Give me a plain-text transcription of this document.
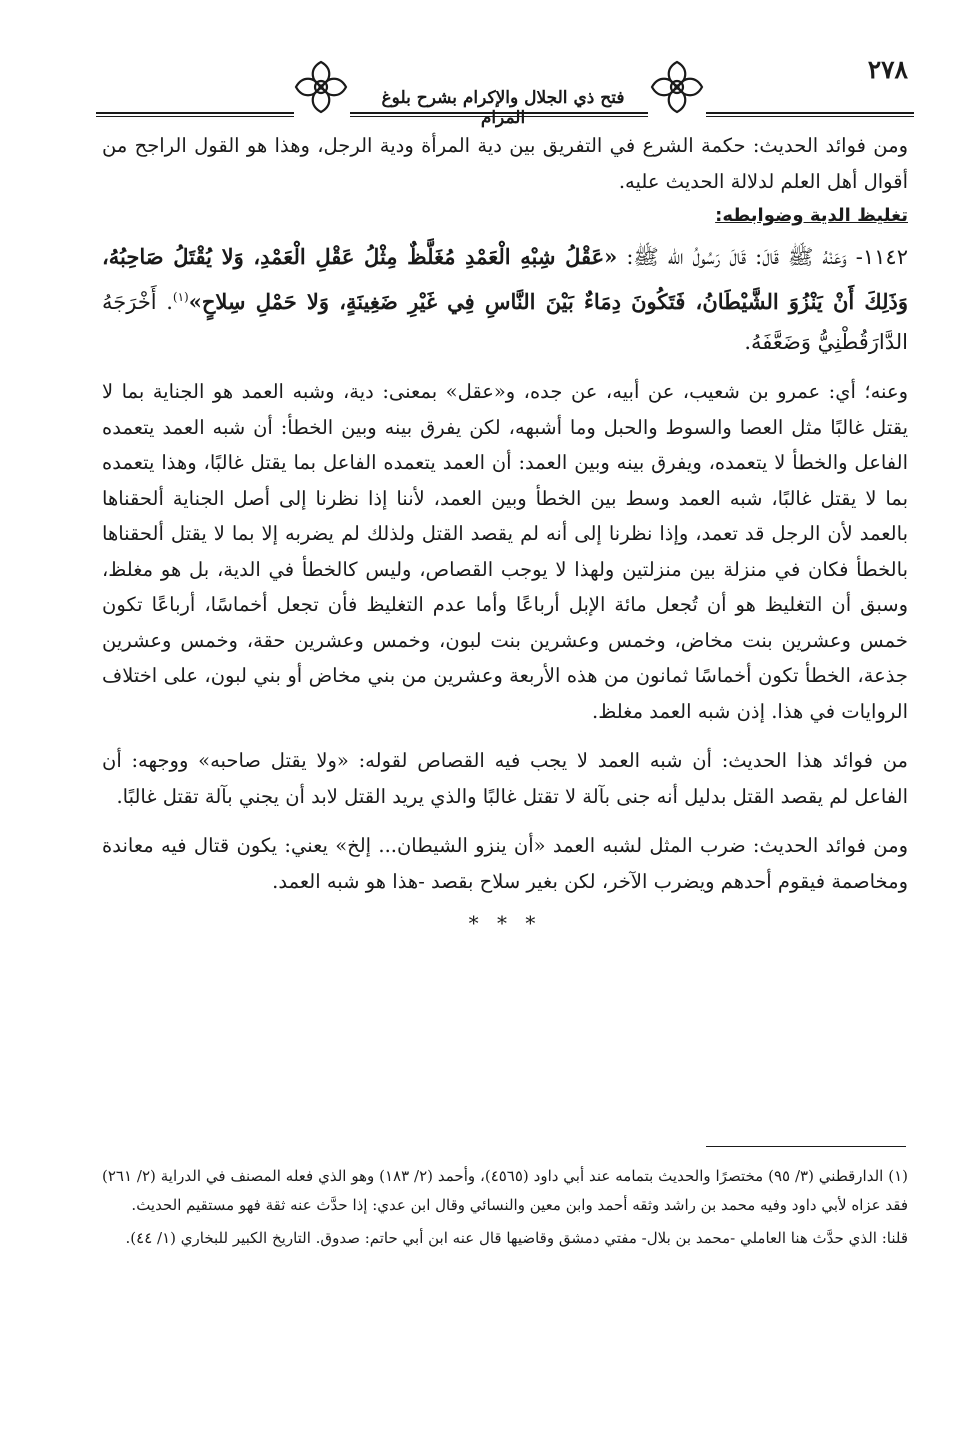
٢٧٨
فتح ذي الجلال والإكرام بشرح بلوغ المرام

ومن فوائد الحديث: حكمة الشرع في التفريق بين دية المرأة ودية الرجل، وهذا هو القول الراجح من أقوال أهل العلم لدلالة الحديث عليه.

تغليظ الدية وضوابطه:

١١٤٢- وَعَنْهُ ﷺ قَالَ: قَالَ رَسُولُ الله ﷺ: «عَقْلُ شِبْهِ الْعَمْدِ مُغَلَّظٌ مِثْلُ عَقْلِ الْعَمْدِ، وَلا يُقْتَلُ صَاحِبُهُ، وَذَلِكَ أَنْ يَنْزُوَ الشَّيْطَانُ، فَتَكُونَ دِمَاءٌ بَيْنَ النَّاسِ فِي غَيْرِ ضَغِينَةٍ، وَلا حَمْلِ سِلاحٍ»$^{(١)}$. أَخْرَجَهُ الدَّارَقُطْنِيُّ وَضَعَّفَهُ.

وعنه؛ أي: عمرو بن شعيب، عن أبيه، عن جده، و«عقل» بمعنى: دية، وشبه العمد هو الجناية بما لا يقتل غالبًا مثل العصا والسوط والحبل وما أشبهه، لكن يفرق بينه وبين الخطأ: أن شبه العمد يتعمده الفاعل والخطأ لا يتعمده، ويفرق بينه وبين العمد: أن العمد يتعمده الفاعل بما يقتل غالبًا، وهذا يتعمده بما لا يقتل غالبًا، شبه العمد وسط بين الخطأ وبين العمد، لأننا إذا نظرنا إلى أصل الجناية ألحقناها بالعمد لأن الرجل قد تعمد، وإذا نظرنا إلى أنه لم يقصد القتل ولذلك لم يضربه إلا بما لا يقتل ألحقناها بالخطأ فكان في منزلة بين منزلتين ولهذا لا يوجب القصاص، وليس كالخطأ في الدية، بل هو مغلظ، وسبق أن التغليظ هو أن تُجعل مائة الإبل أرباعًا وأما عدم التغليظ فأن تجعل أخماسًا، أرباعًا تكون خمس وعشرين بنت مخاض، وخمس وعشرين بنت لبون، وخمس وعشرين حقة، وخمس وعشرين جذعة، الخطأ تكون أخماسًا ثمانون من هذه الأربعة وعشرين من بني مخاض أو بني لبون، على اختلاف الروايات في هذا. إذن شبه العمد مغلظ.

من فوائد هذا الحديث: أن شبه العمد لا يجب فيه القصاص لقوله: «ولا يقتل صاحبه» ووجهه: أن الفاعل لم يقصد القتل بدليل أنه جنى بآلة لا تقتل غالبًا والذي يريد القتل لابد أن يجني بآلة تقتل غالبًا.

ومن فوائد الحديث: ضرب المثل لشبه العمد «أن ينزو الشيطان... إلخ» يعني: يكون قتال فيه معاندة ومخاصمة فيقوم أحدهم ويضرب الآخر، لكن بغير سلاح بقصد -هذا هو شبه العمد.

* * *

(١) الدارقطني (٣/ ٩٥) مختصرًا والحديث بتمامه عند أبي داود (٤٥٦٥)، وأحمد (٢/ ١٨٣) وهو الذي فعله المصنف في الدراية (٢/ ٢٦١) فقد عزاه لأبي داود وفيه محمد بن راشد وثقه أحمد وابن معين والنسائي وقال ابن عدي: إذا حدَّث عنه ثقة فهو مستقيم الحديث.

قلنا: الذي حدَّث هنا العاملي -محمد بن بلال- مفتي دمشق وقاضيها قال عنه ابن أبي حاتم: صدوق. التاريخ الكبير للبخاري (١/ ٤٤).
